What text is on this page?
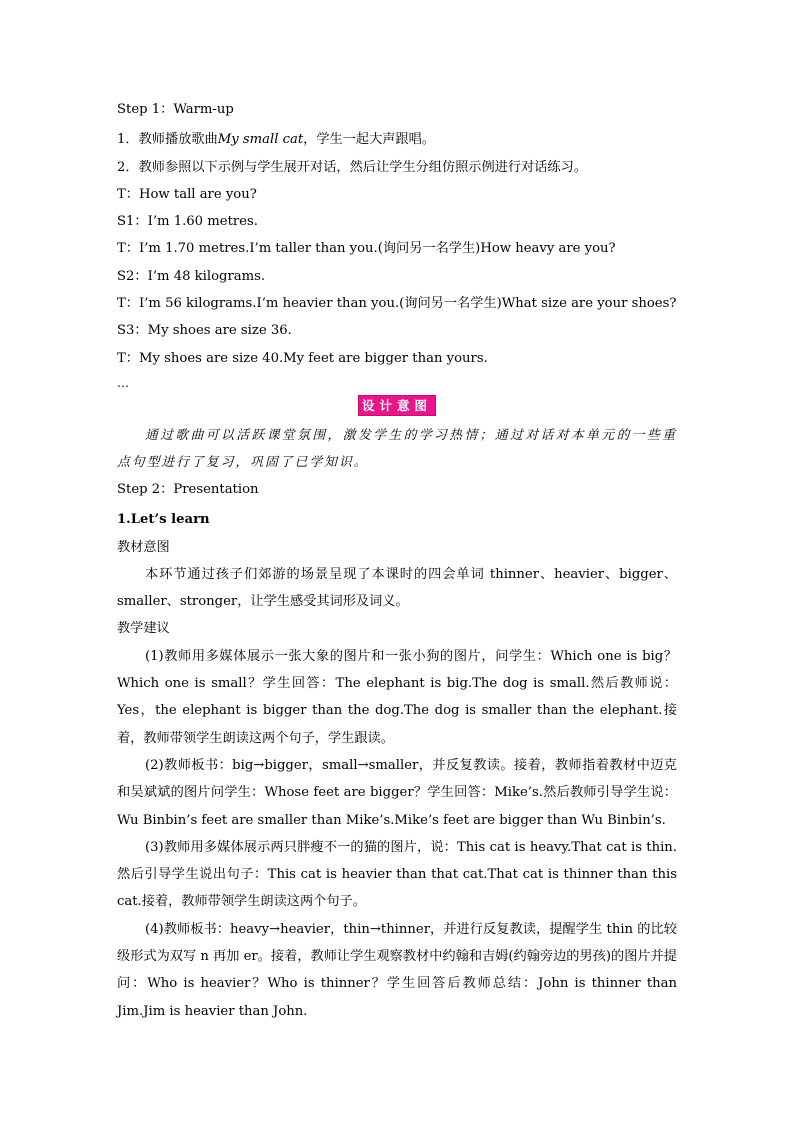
Step 1：Warm-up

1．教师播放歌曲My small cat，学生一起大声跟唱。

2．教师参照以下示例与学生展开对话，然后让学生分组仿照示例进行对话练习。

T：How tall are you?

S1：I’m 1.60 metres.

T：I’m 1.70 metres.I’m taller than you.(询问另一名学生)How heavy are you?

S2：I’m 48 kilograms.

T：I’m 56 kilograms.I’m heavier than you.(询问另一名学生)What size are your shoes?

S3：My shoes are size 36.

T：My shoes are size 40.My feet are bigger than yours.

…

设计意图

通过歌曲可以活跃课堂氛围，激发学生的学习热情；通过对话对本单元的一些重点句型进行了复习，巩固了已学知识。

Step 2：Presentation

1.Let’s learn

教材意图

本环节通过孩子们郊游的场景呈现了本课时的四会单词 thinner、heavier、bigger、smaller、stronger，让学生感受其词形及词义。

教学建议

(1)教师用多媒体展示一张大象的图片和一张小狗的图片，问学生：Which one is big？Which one is small？学生回答：The elephant is big.The dog is small.然后教师说：Yes，the elephant is bigger than the dog.The dog is smaller than the elephant.接着，教师带领学生朗读这两个句子，学生跟读。

(2)教师板书：big→bigger，small→smaller，并反复教读。接着，教师指着教材中迈克和吴斌斌的图片问学生：Whose feet are bigger？学生回答：Mike’s.然后教师引导学生说：Wu Binbin’s feet are smaller than Mike’s.Mike’s feet are bigger than Wu Binbin’s.

(3)教师用多媒体展示两只胖瘦不一的猫的图片，说：This cat is heavy.That cat is thin.然后引导学生说出句子：This cat is heavier than that cat.That cat is thinner than this cat.接着，教师带领学生朗读这两个句子。

(4)教师板书：heavy→heavier，thin→thinner，并进行反复教读，提醒学生 thin 的比较级形式为双写 n 再加 er。接着，教师让学生观察教材中约翰和吉姆(约翰旁边的男孩)的图片并提问：Who is heavier？Who is thinner？学生回答后教师总结：John is thinner than Jim.Jim is heavier than John.
